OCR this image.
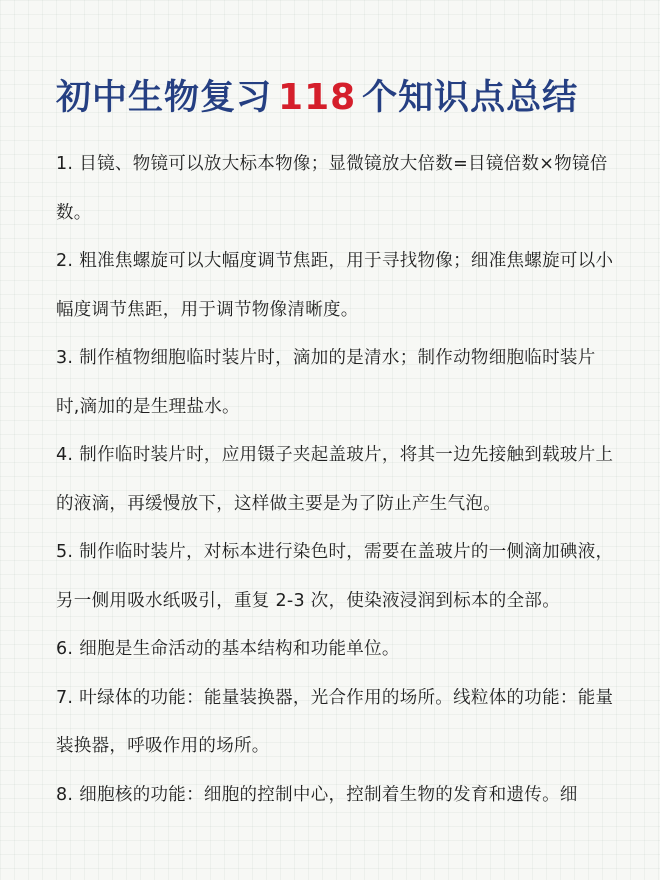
初中生物复习 118 个知识点总结
1. 目镜、物镜可以放大标本物像；显微镜放大倍数=目镜倍数×物镜倍数。
2. 粗准焦螺旋可以大幅度调节焦距，用于寻找物像；细准焦螺旋可以小幅度调节焦距，用于调节物像清晰度。
3. 制作植物细胞临时装片时，滴加的是清水；制作动物细胞临时装片时,滴加的是生理盐水。
4. 制作临时装片时，应用镊子夹起盖玻片，将其一边先接触到载玻片上的液滴，再缓慢放下，这样做主要是为了防止产生气泡。
5. 制作临时装片，对标本进行染色时，需要在盖玻片的一侧滴加碘液，另一侧用吸水纸吸引，重复 2-3 次，使染液浸润到标本的全部。
6. 细胞是生命活动的基本结构和功能单位。
7. 叶绿体的功能：能量装换器，光合作用的场所。线粒体的功能：能量装换器，呼吸作用的场所。
8. 细胞核的功能：细胞的控制中心，控制着生物的发育和遗传。细
